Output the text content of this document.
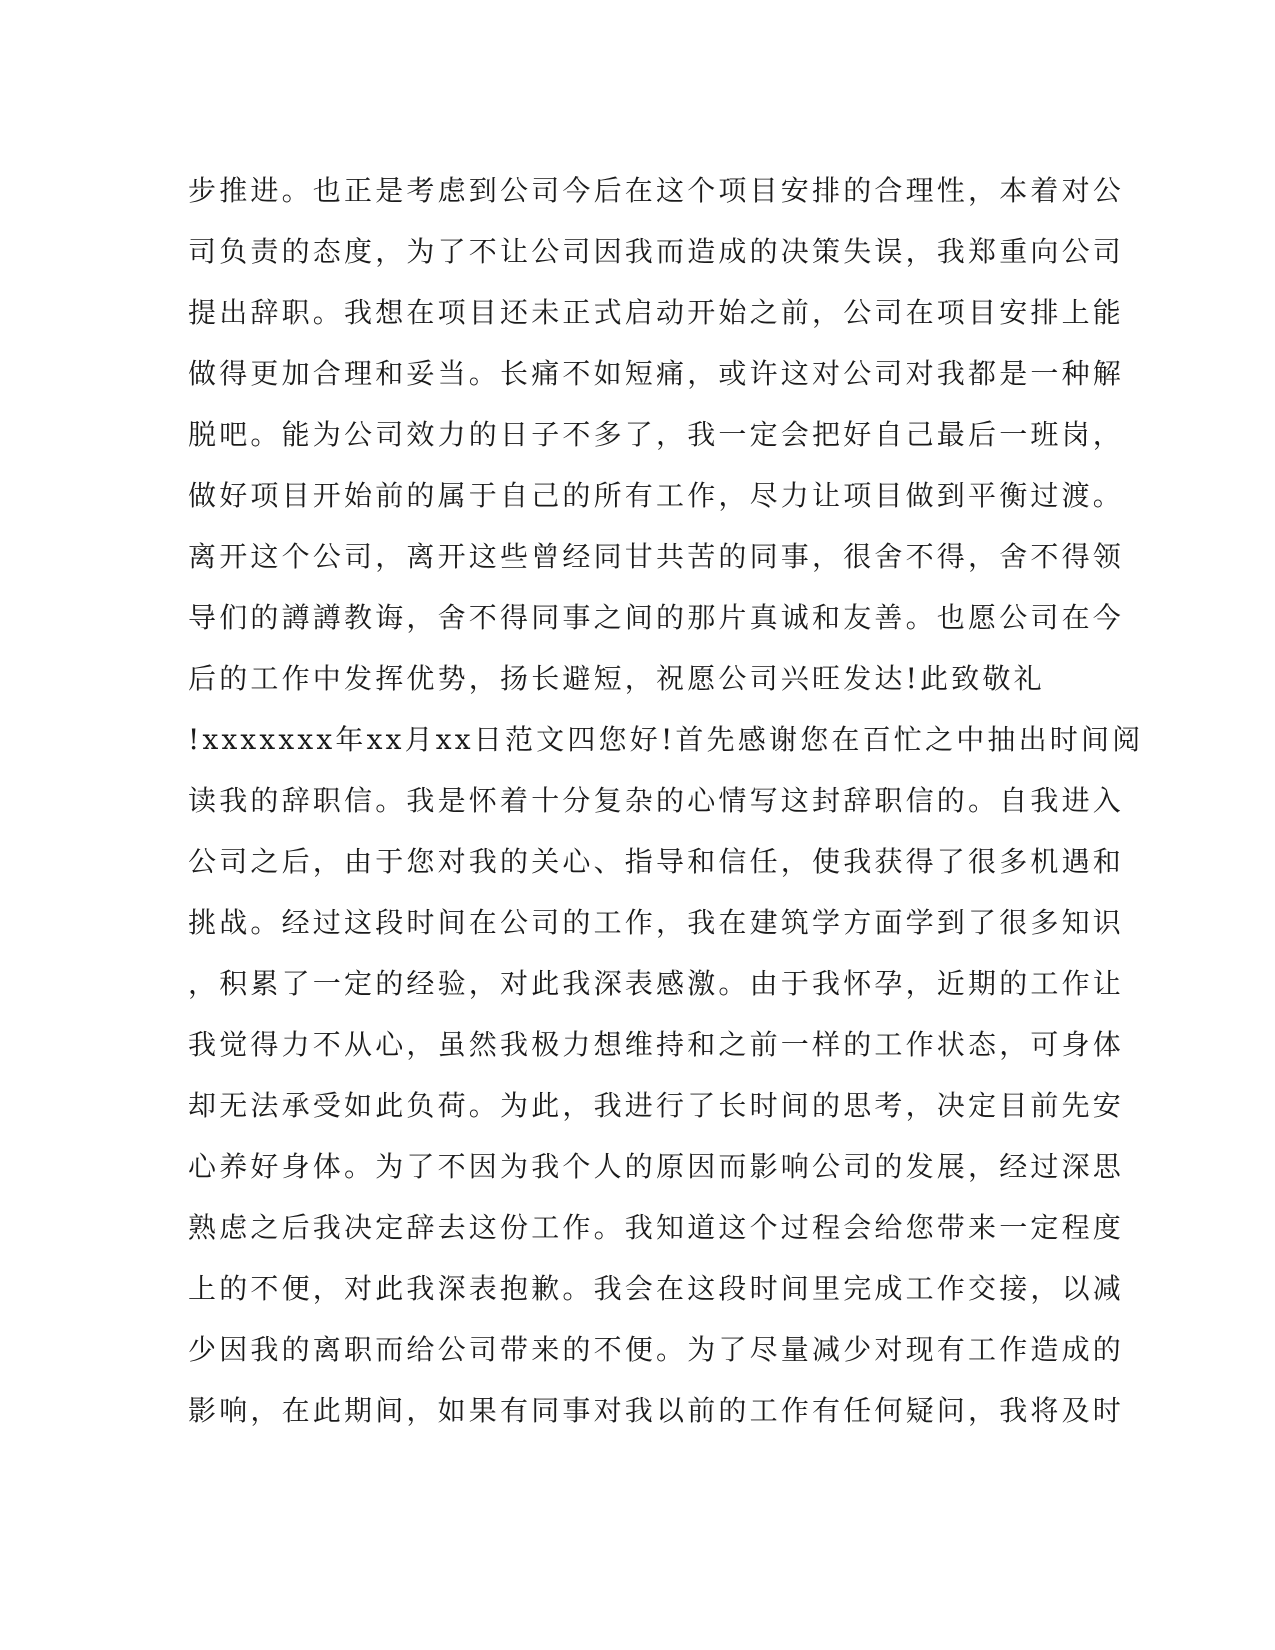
步推进。也正是考虑到公司今后在这个项目安排的合理性，本着对公
司负责的态度，为了不让公司因我而造成的决策失误，我郑重向公司
提出辞职。我想在项目还未正式启动开始之前，公司在项目安排上能
做得更加合理和妥当。长痛不如短痛，或许这对公司对我都是一种解
脱吧。能为公司效力的日子不多了，我一定会把好自己最后一班岗，
做好项目开始前的属于自己的所有工作，尽力让项目做到平衡过渡。
离开这个公司，离开这些曾经同甘共苦的同事，很舍不得，舍不得领
导们的譐譐教诲，舍不得同事之间的那片真诚和友善。也愿公司在今
后的工作中发挥优势，扬长避短，祝愿公司兴旺发达!此致敬礼
!xxxxxxx年xx月xx日范文四您好!首先感谢您在百忙之中抽出时间阅
读我的辞职信。我是怀着十分复杂的心情写这封辞职信的。自我进入
公司之后，由于您对我的关心、指导和信任，使我获得了很多机遇和
挑战。经过这段时间在公司的工作，我在建筑学方面学到了很多知识
，积累了一定的经验，对此我深表感激。由于我怀孕，近期的工作让
我觉得力不从心，虽然我极力想维持和之前一样的工作状态，可身体
却无法承受如此负荷。为此，我进行了长时间的思考，决定目前先安
心养好身体。为了不因为我个人的原因而影响公司的发展，经过深思
熟虑之后我决定辞去这份工作。我知道这个过程会给您带来一定程度
上的不便，对此我深表抱歉。我会在这段时间里完成工作交接，以减
少因我的离职而给公司带来的不便。为了尽量减少对现有工作造成的
影响，在此期间，如果有同事对我以前的工作有任何疑问，我将及时
